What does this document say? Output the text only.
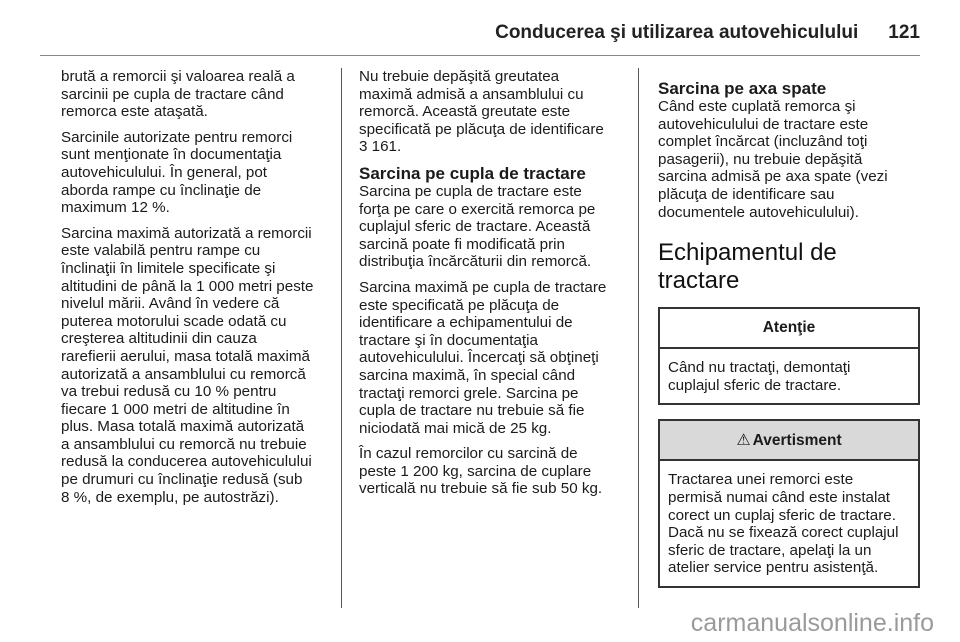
Conducerea şi utilizarea autovehiculului 121

brută a remorcii şi valoarea reală a
sarcinii pe cupla de tractare când
remorca este ataşată.

Sarcinile autorizate pentru remorci
sunt menţionate în documentaţia
autovehiculului. În general, pot
aborda rampe cu înclinaţie de
maximum 12 %.

Sarcina maximă autorizată a remorcii
este valabilă pentru rampe cu
înclinaţii în limitele specificate şi
altitudini de până la 1 000 metri peste
nivelul mării. Având în vedere că
puterea motorului scade odată cu
creşterea altitudinii din cauza
rarefierii aerului, masa totală maximă
autorizată a ansamblului cu remorcă
va trebui redusă cu 10 % pentru
fiecare 1 000 metri de altitudine în
plus. Masa totală maximă autorizată
a ansamblului cu remorcă nu trebuie
redusă la conducerea autovehiculului
pe drumuri cu înclinaţie redusă (sub
8 %, de exemplu, pe autostrăzi).

Nu trebuie depăşită greutatea
maximă admisă a ansamblului cu
remorcă. Această greutate este
specificată pe plăcuţa de identificare
3 161.

Sarcina pe cupla de tractare

Sarcina pe cupla de tractare este
forţa pe care o exercită remorca pe
cuplajul sferic de tractare. Această
sarcină poate fi modificată prin
distribuţia încărcăturii din remorcă.

Sarcina maximă pe cupla de tractare
este specificată pe plăcuţa de
identificare a echipamentului de
tractare şi în documentaţia
autovehiculului. Încercaţi să obţineţi
sarcina maximă, în special când
tractaţi remorci grele. Sarcina pe
cupla de tractare nu trebuie să fie
niciodată mai mică de 25 kg.

În cazul remorcilor cu sarcină de
peste 1 200 kg, sarcina de cuplare
verticală nu trebuie să fie sub 50 kg.

Sarcina pe axa spate

Când este cuplată remorca şi
autovehiculului de tractare este
complet încărcat (incluzând toţi
pasagerii), nu trebuie depăşită
sarcina admisă pe axa spate (vezi
plăcuţa de identificare sau
documentele autovehiculului).

Echipamentul de tractare
Atenţie
Când nu tractaţi, demontaţi
cuplajul sferic de tractare.
⚠ Avertisment
Tractarea unei remorci este
permisă numai când este instalat
corect un cuplaj sferic de tractare.
Dacă nu se fixează corect cuplajul
sferic de tractare, apelaţi la un
atelier service pentru asistenţă.
carmanualsonline.info
